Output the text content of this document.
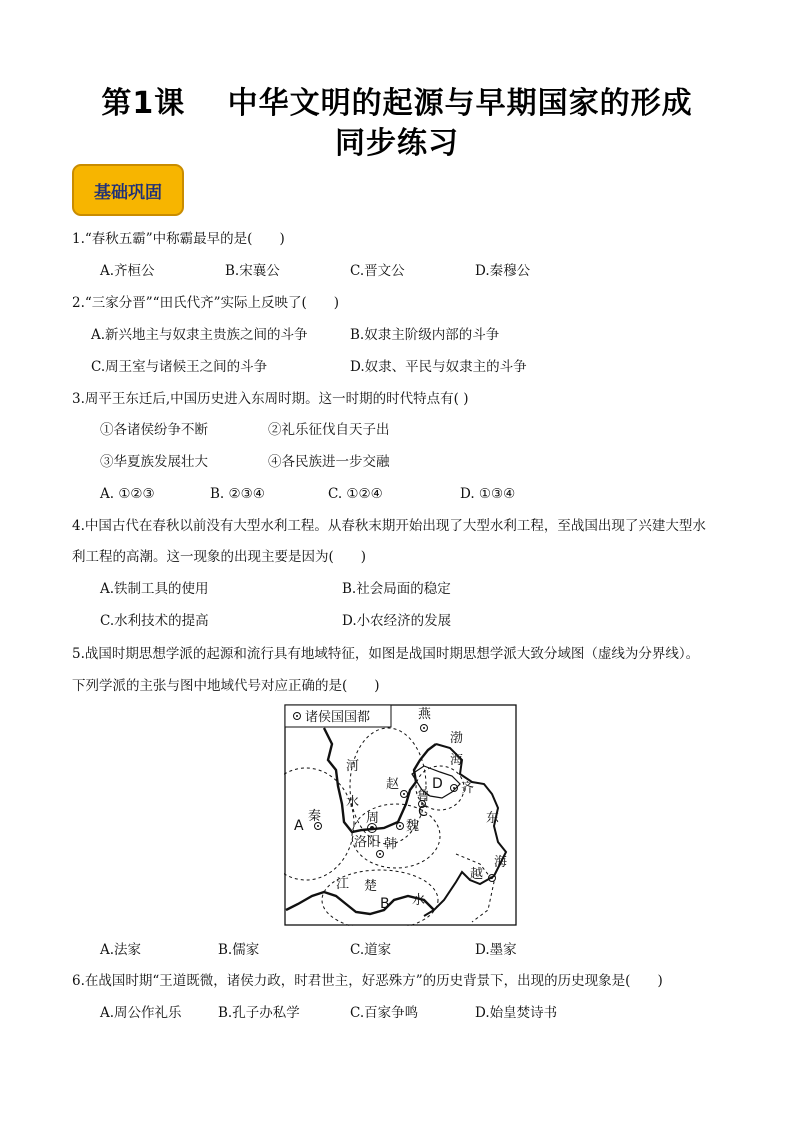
第1课　 中华文明的起源与早期国家的形成
同步练习
基础巩固
1.“春秋五霸”中称霸最早的是(　　)
A.齐桓公	B.宋襄公	C.晋文公	D.秦穆公
2.“三家分晋”“田氏代齐”实际上反映了(　　)
A.新兴地主与奴隶主贵族之间的斗争	B.奴隶主阶级内部的斗争
C.周王室与诸候王之间的斗争	D.奴隶、平民与奴隶主的斗争
3.周平王东迁后,中国历史进入东周时期。这一时期的时代特点有( )
①各诸侯纷争不断	②礼乐征伐自天子出
③华夏族发展壮大	④各民族进一步交融
A. ①②③	B. ②③④	C. ①②④	D. ①③④
4.中国古代在春秋以前没有大型水利工程。从春秋末期开始出现了大型水利工程，至战国出现了兴建大型水
利工程的高潮。这一现象的出现主要是因为(　　)
A.铁制工具的使用	B.社会局面的稳定
C.水利技术的提高	D.小农经济的发展
5.战国时期思想学派的起源和流行具有地域特征，如图是战国时期思想学派大致分域图（虚线为分界线）。
下列学派的主张与图中地域代号对应正确的是(　　)
诸侯国国都	燕
赵
鲁
齐
秦	周
魏
韩
楚
越
洛阳
河
水
渤
海
东
海
江
水
A
B
C
D
A.法家	B.儒家	C.道家	D.墨家
6.在战国时期“王道既微，诸侯力政，时君世主，好恶殊方”的历史背景下，出现的历史现象是(　　)
A.周公作礼乐	B.孔子办私学	C.百家争鸣	D.始皇焚诗书
